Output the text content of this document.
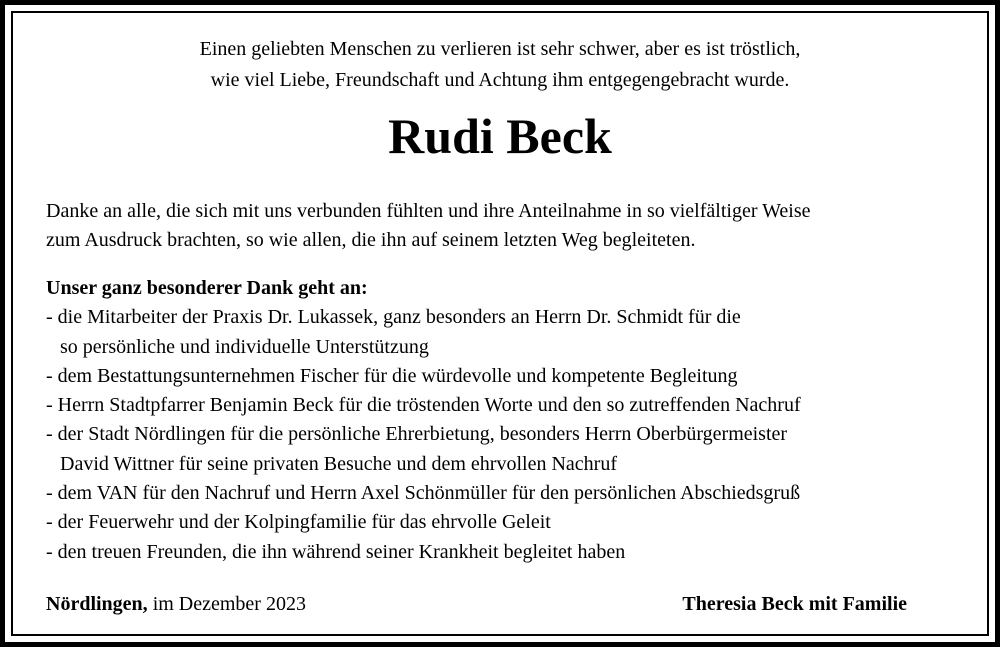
Einen geliebten Menschen zu verlieren ist sehr schwer, aber es ist tröstlich,
wie viel Liebe, Freundschaft und Achtung ihm entgegengebracht wurde.
Rudi Beck
Danke an alle, die sich mit uns verbunden fühlten und ihre Anteilnahme in so vielfältiger Weise
zum Ausdruck brachten, so wie allen, die ihn auf seinem letzten Weg begleiteten.
Unser ganz besonderer Dank geht an:
- die Mitarbeiter der Praxis Dr. Lukassek, ganz besonders an Herrn Dr. Schmidt für die
so persönliche und individuelle Unterstützung
- dem Bestattungsunternehmen Fischer für die würdevolle und kompetente Begleitung
- Herrn Stadtpfarrer Benjamin Beck für die tröstenden Worte und den so zutreffenden Nachruf
- der Stadt Nördlingen für die persönliche Ehrerbietung, besonders Herrn Oberbürgermeister
David Wittner für seine privaten Besuche und dem ehrvollen Nachruf
- dem VAN für den Nachruf und Herrn Axel Schönmüller für den persönlichen Abschiedsgruß
- der Feuerwehr und der Kolpingfamilie für das ehrvolle Geleit
- den treuen Freunden, die ihn während seiner Krankheit begleitet haben
Nördlingen, im Dezember 2023	Theresia Beck mit Familie
